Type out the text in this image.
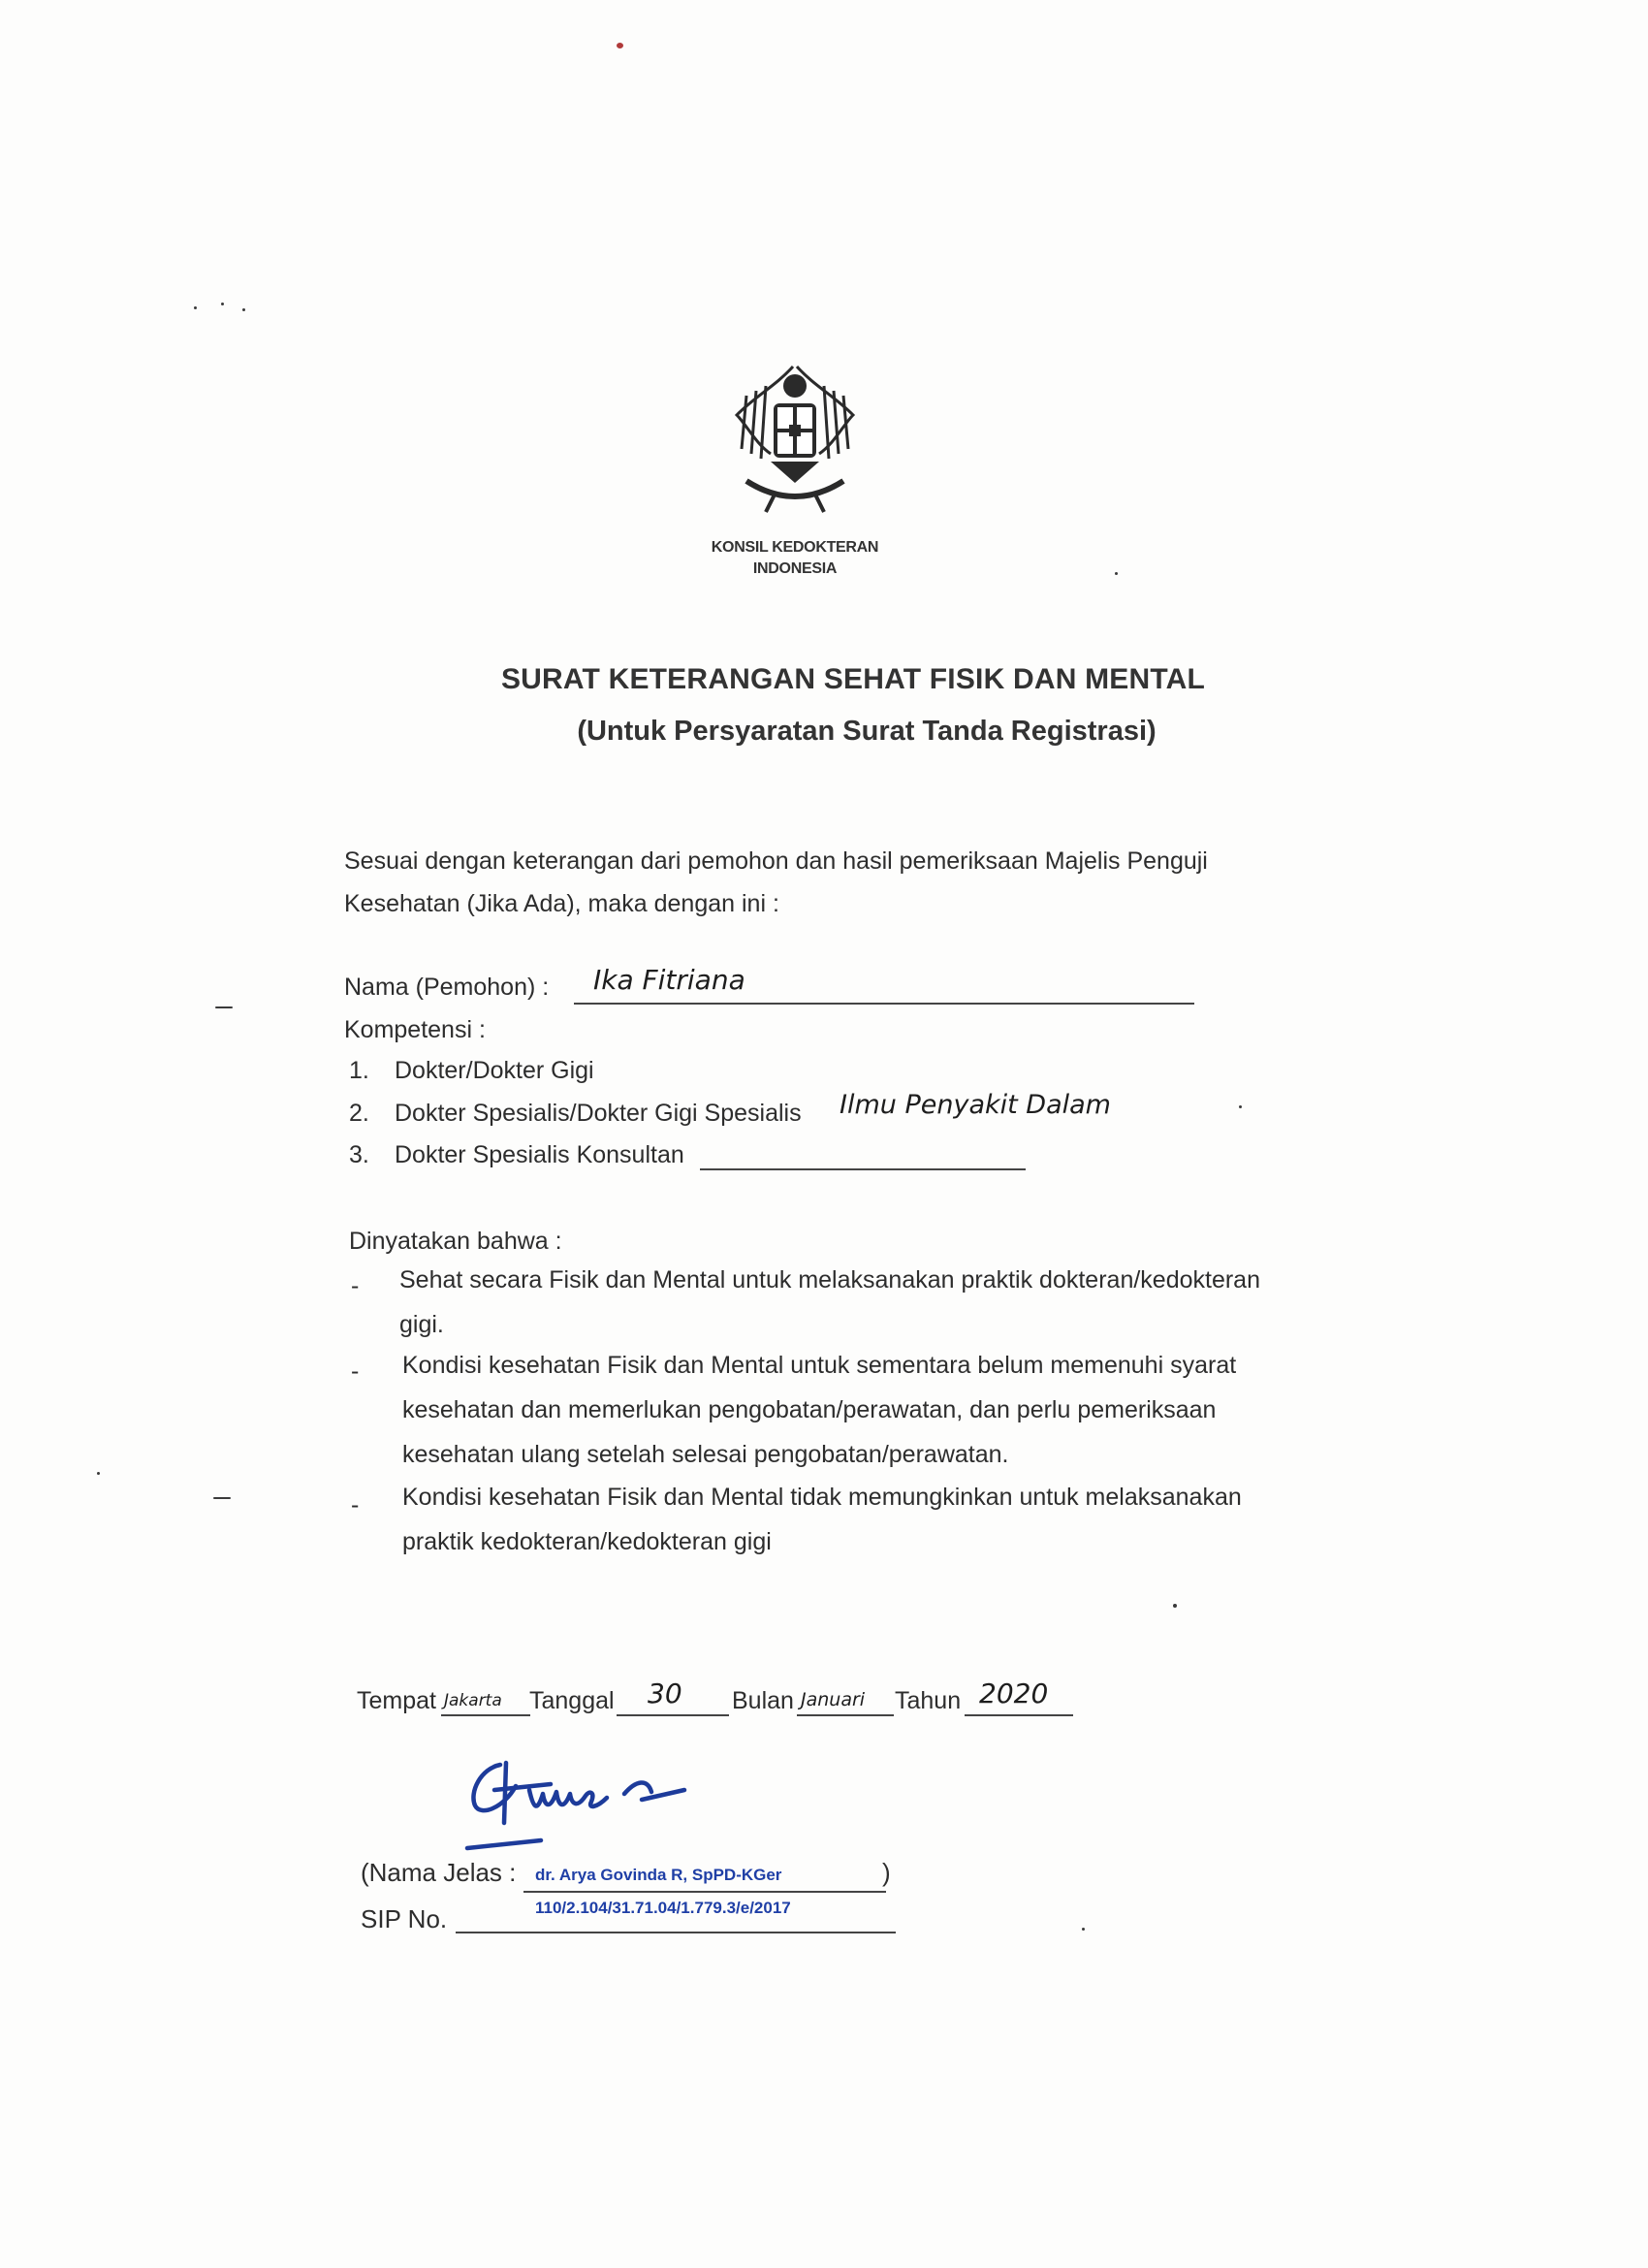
KONSIL KEDOKTERAN
INDONESIA
SURAT KETERANGAN SEHAT FISIK DAN MENTAL
(Untuk Persyaratan Surat Tanda Registrasi)
Sesuai dengan keterangan dari pemohon dan hasil pemeriksaan Majelis Penguji
Kesehatan (Jika Ada), maka dengan ini :
Nama (Pemohon) : Ika Fitriana
Kompetensi :
1. Dokter/Dokter Gigi
2. Dokter Spesialis/Dokter Gigi Spesialis Ilmu Penyakit Dalam
3. Dokter Spesialis Konsultan
Dinyatakan bahwa :
- Sehat secara Fisik dan Mental untuk melaksanakan praktik dokteran/kedokteran
gigi.
- Kondisi kesehatan Fisik dan Mental untuk sementara belum memenuhi syarat
kesehatan dan memerlukan pengobatan/perawatan, dan perlu pemeriksaan
kesehatan ulang setelah selesai pengobatan/perawatan.
- Kondisi kesehatan Fisik dan Mental tidak memungkinkan untuk melaksanakan
praktik kedokteran/kedokteran gigi
Tempat Jakarta Tanggal 30 Bulan Januari Tahun 2020
(Nama Jelas : dr. Arya Govinda R, SpPD-KGer	)
SIP No.	110/2.104/31.71.04/1.779.3/e/2017
